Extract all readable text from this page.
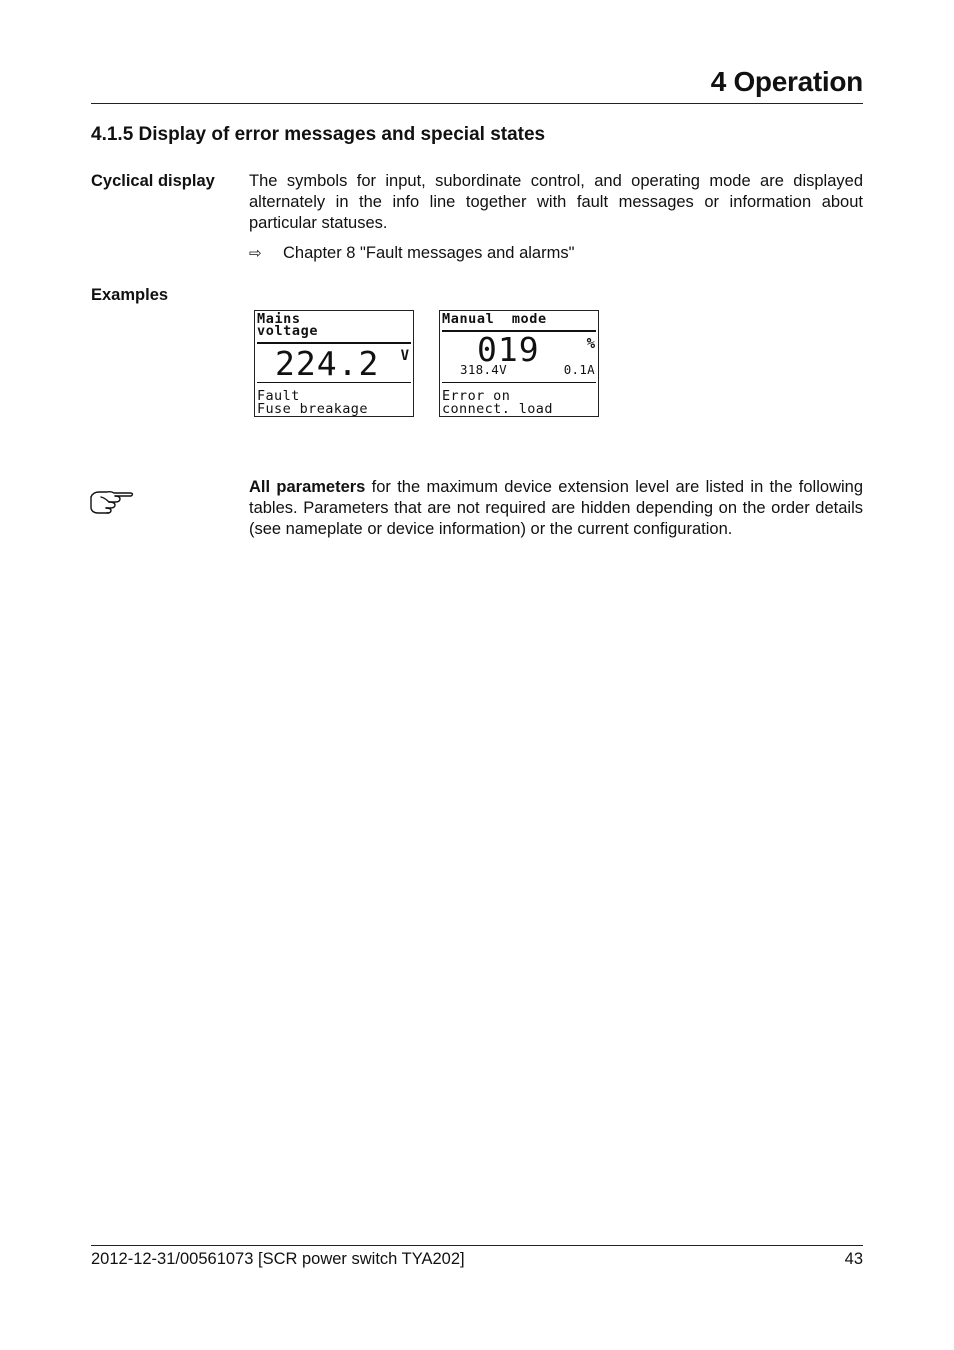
4 Operation
4.1.5 Display of error messages and special states
Cyclical display	The symbols for input, subordinate control, and operating mode are displayed alternately in the info line together with fault messages or information about particular statuses.
⇨ Chapter 8 "Fault messages and alarms"
Examples
Mains
voltage
224.2 V
Fault
Fuse breakage
Manual  mode
019	%
318.4V	0.1A
Error on
connect. load
All parameters for the maximum device extension level are listed in the following tables. Parameters that are not required are hidden depending on the order details (see nameplate or device information) or the current configuration.
2012-12-31/00561073 [SCR power switch TYA202]	43
